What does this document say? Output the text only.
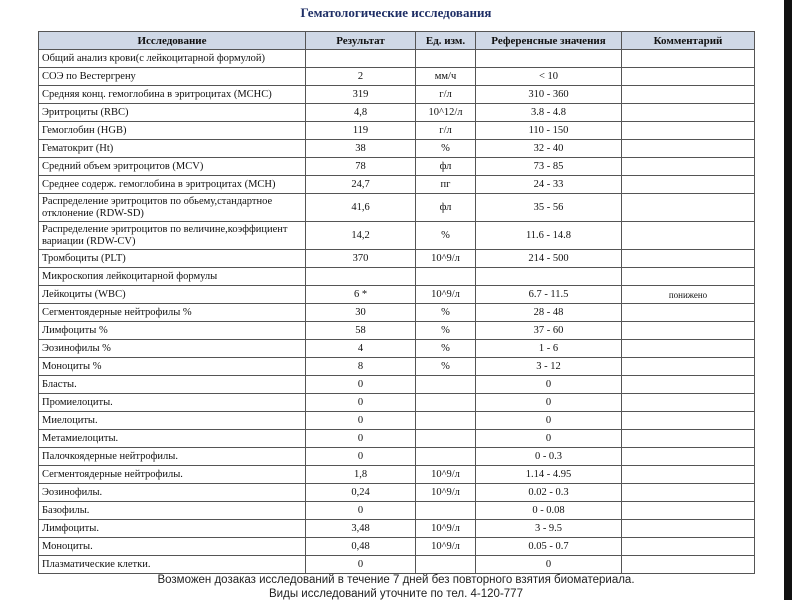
Гематологические исследования
Исследование	Результат	Ед. изм.	Референсные значения	Комментарий
Общий анализ крови(с лейкоцитарной формулой)				
СОЭ по Вестергрену	2	мм/ч	< 10	
Средняя конц. гемоглобина в эритроцитах (MCHC)	319	г/л	310 - 360	
Эритроциты (RBC)	4,8	10^12/л	3.8 - 4.8	
Гемоглобин (HGB)	119	г/л	110 - 150	
Гематокрит (Ht)	38	%	32 - 40	
Средний объем эритроцитов (MCV)	78	фл	73 - 85	
Среднее содерж. гемоглобина в эритроцитах (MCH)	24,7	пг	24 - 33	
Распределение эритроцитов по обьему,стандартное отклонение (RDW-SD)	41,6	фл	35 - 56	
Распределение эритроцитов по величине,коэффициент вариации (RDW-CV)	14,2	%	11.6 - 14.8	
Тромбоциты (PLT)	370	10^9/л	214 - 500	
Микроскопия лейкоцитарной формулы				
Лейкоциты (WBC)	6 *	10^9/л	6.7 - 11.5	понижено
Сегментоядерные нейтрофилы %	30	%	28 - 48	
Лимфоциты %	58	%	37 - 60	
Эозинофилы %	4	%	1 - 6	
Моноциты %	8	%	3 - 12	
Бласты.	0		0	
Промиелоциты.	0		0	
Миелоциты.	0		0	
Метамиелоциты.	0		0	
Палочкоядерные нейтрофилы.	0		0 - 0.3	
Сегментоядерные нейтрофилы.	1,8	10^9/л	1.14 - 4.95	
Эозинофилы.	0,24	10^9/л	0.02 - 0.3	
Базофилы.	0		0 - 0.08	
Лимфоциты.	3,48	10^9/л	3 - 9.5	
Моноциты.	0,48	10^9/л	0.05 - 0.7	
Плазматические клетки.	0		0	
Возможен дозаказ исследований в течение 7 дней без повторного взятия биоматериала.
Виды исследований уточните по тел. 4-120-777
